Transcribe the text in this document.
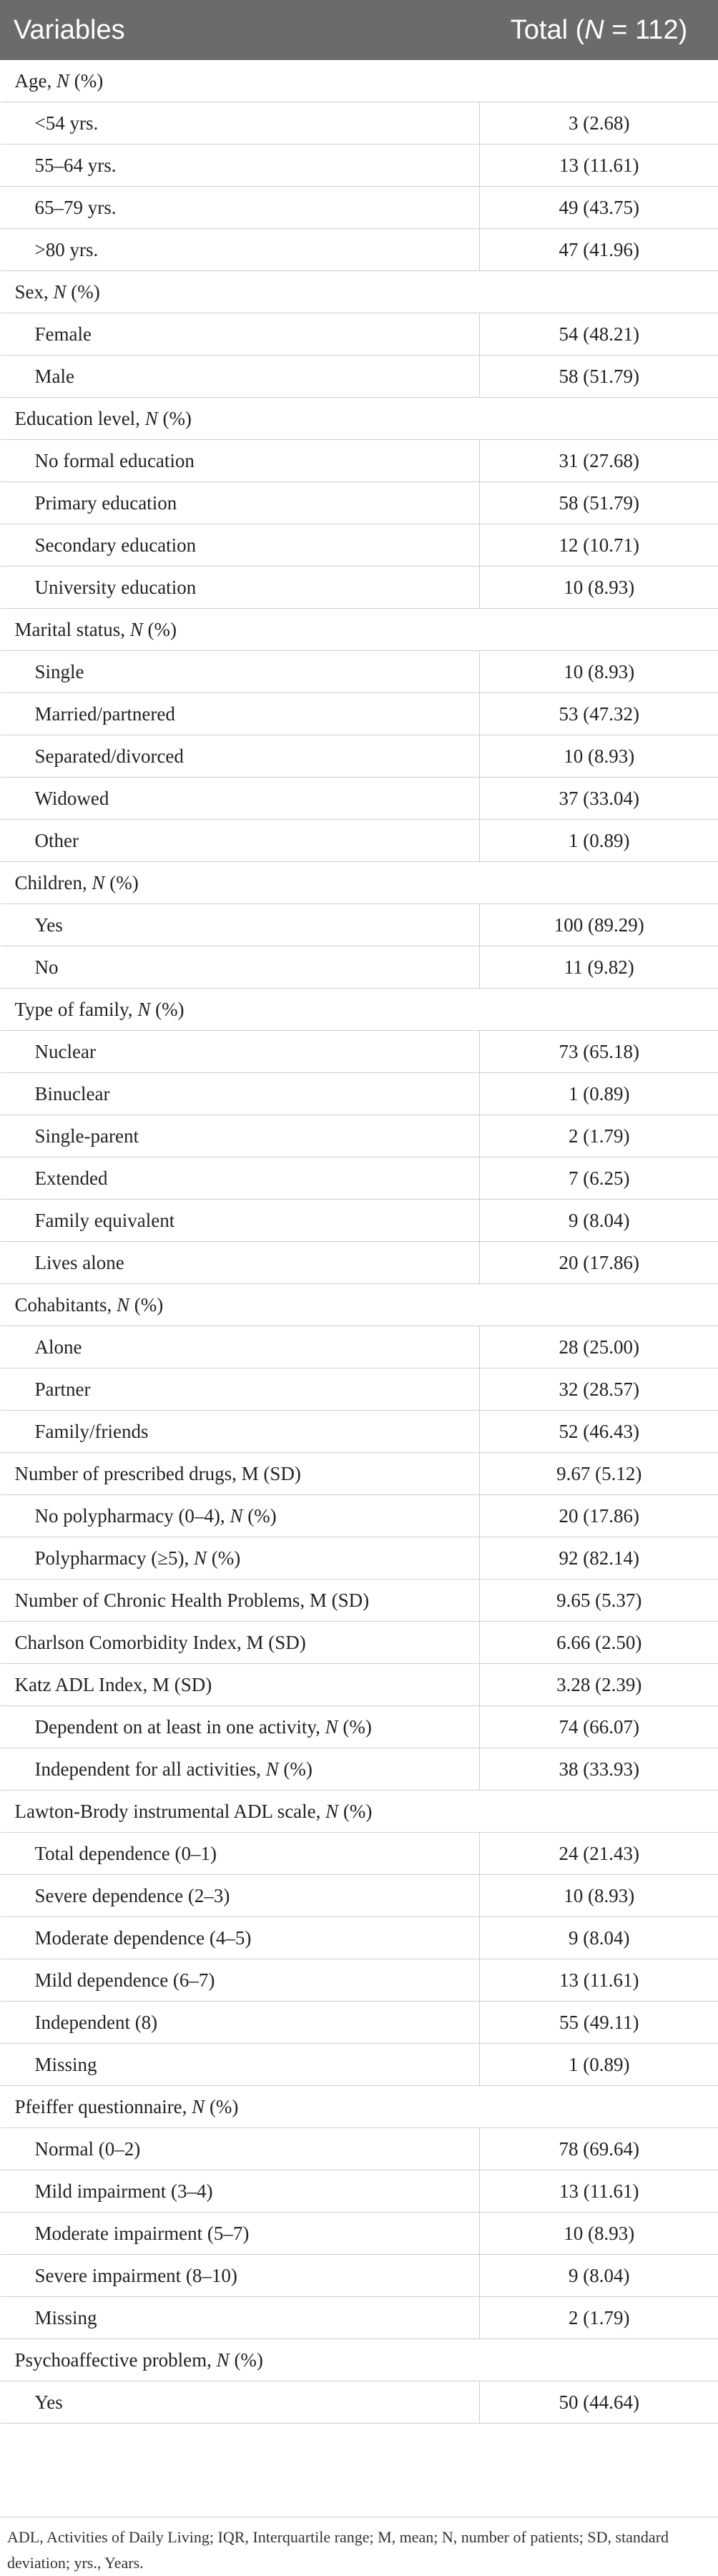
Variables	Total (N = 112)
Age, N (%)	
<54 yrs.	3 (2.68)
55–64 yrs.	13 (11.61)
65–79 yrs.	49 (43.75)
>80 yrs.	47 (41.96)
Sex, N (%)	
Female	54 (48.21)
Male	58 (51.79)
Education level, N (%)	
No formal education	31 (27.68)
Primary education	58 (51.79)
Secondary education	12 (10.71)
University education	10 (8.93)
Marital status, N (%)	
Single	10 (8.93)
Married/partnered	53 (47.32)
Separated/divorced	10 (8.93)
Widowed	37 (33.04)
Other	1 (0.89)
Children, N (%)	
Yes	100 (89.29)
No	11 (9.82)
Type of family, N (%)	
Nuclear	73 (65.18)
Binuclear	1 (0.89)
Single-parent	2 (1.79)
Extended	7 (6.25)
Family equivalent	9 (8.04)
Lives alone	20 (17.86)
Cohabitants, N (%)	
Alone	28 (25.00)
Partner	32 (28.57)
Family/friends	52 (46.43)
Number of prescribed drugs, M (SD)	9.67 (5.12)
No polypharmacy (0–4), N (%)	20 (17.86)
Polypharmacy (≥5), N (%)	92 (82.14)
Number of Chronic Health Problems, M (SD)	9.65 (5.37)
Charlson Comorbidity Index, M (SD)	6.66 (2.50)
Katz ADL Index, M (SD)	3.28 (2.39)
Dependent on at least in one activity, N (%)	74 (66.07)
Independent for all activities, N (%)	38 (33.93)
Lawton-Brody instrumental ADL scale, N (%)	
Total dependence (0–1)	24 (21.43)
Severe dependence (2–3)	10 (8.93)
Moderate dependence (4–5)	9 (8.04)
Mild dependence (6–7)	13 (11.61)
Independent (8)	55 (49.11)
Missing	1 (0.89)
Pfeiffer questionnaire, N (%)	
Normal (0–2)	78 (69.64)
Mild impairment (3–4)	13 (11.61)
Moderate impairment (5–7)	10 (8.93)
Severe impairment (8–10)	9 (8.04)
Missing	2 (1.79)
Psychoaffective problem, N (%)	
Yes	50 (44.64)
ADL, Activities of Daily Living; IQR, Interquartile range; M, mean; N, number of patients; SD, standard deviation; yrs., Years.
